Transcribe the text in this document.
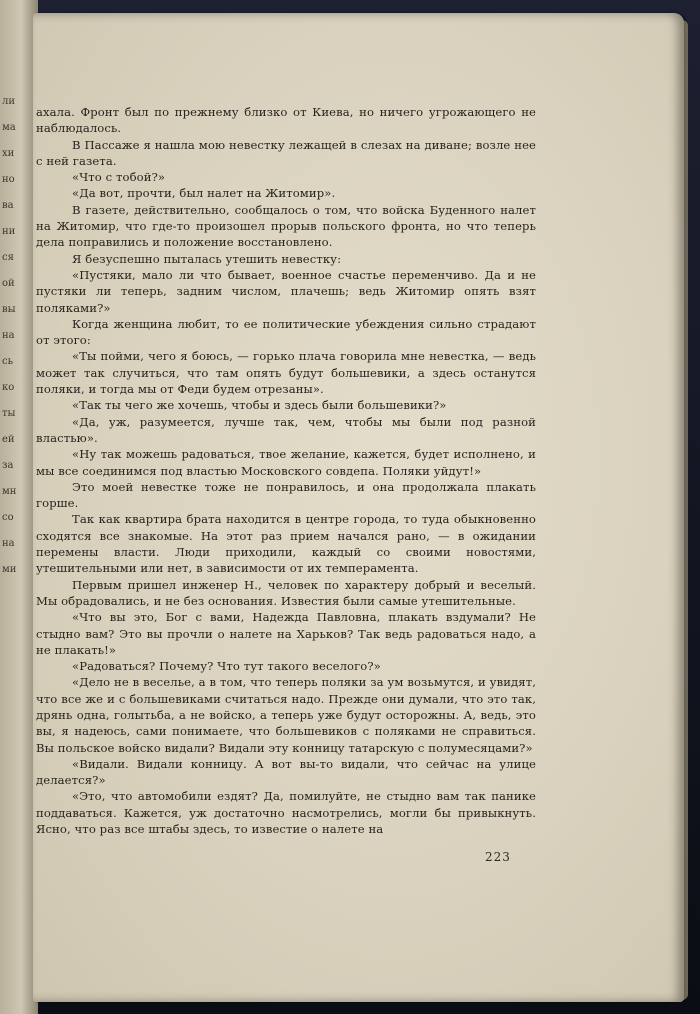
ли
ма
хи
но
ва
ни
ся
ой
вы
на
сь
ко
ты
ей
за
мн
со
на
ми

ахала. Фронт был по прежнему близко от Киева, но ничего угрожающего не наблюдалось.

В Пассаже я нашла мою невестку лежащей в слезах на диване; возле нее с ней газета.

«Что с тобой?»

«Да вот, прочти, был налет на Житомир».

В газете, действительно, сообщалось о том, что войска Буденного налет на Житомир, что где-то произошел прорыв польского фронта, но что теперь дела поправились и положение восстановлено.

Я безуспешно пыталась утешить невестку:

«Пустяки, мало ли что бывает, военное счастье переменчиво. Да и не пустяки ли теперь, задним числом, плачешь; ведь Житомир опять взят поляками?»

Когда женщина любит, то ее политические убеждения сильно страдают от этого:

«Ты пойми, чего я боюсь, — горько плача говорила мне невестка, — ведь может так случиться, что там опять будут большевики, а здесь останутся поляки, и тогда мы от Феди будем отрезаны».

«Так ты чего же хочешь, чтобы и здесь были большевики?»

«Да, уж, разумеется, лучше так, чем, чтобы мы были под разной властью».

«Ну так можешь радоваться, твое желание, кажется, будет исполнено, и мы все соединимся под властью Московского совдепа. Поляки уйдут!»

Это моей невестке тоже не понравилось, и она продолжала плакать горше.

Так как квартира брата находится в центре города, то туда обыкновенно сходятся все знакомые. На этот раз прием начался рано, — в ожидании перемены власти. Люди приходили, каждый со своими новостями, утешительными или нет, в зависимости от их темперамента.

Первым пришел инженер Н., человек по характеру добрый и веселый. Мы обрадовались, и не без основания. Известия были самые утешительные.

«Что вы это, Бог с вами, Надежда Павловна, плакать вздумали? Не стыдно вам? Это вы прочли о налете на Харьков? Так ведь радоваться надо, а не плакать!»

«Радоваться? Почему? Что тут такого веселого?»

«Дело не в веселье, а в том, что теперь поляки за ум возьмутся, и увидят, что все же и с большевиками считаться надо. Прежде они думали, что это так, дрянь одна, голытьба, а не войско, а теперь уже будут осторожны. А, ведь, это вы, я надеюсь, сами понимаете, что большевиков с поляками не справиться. Вы польское войско видали? Видали эту конницу татарскую с полумесяцами?»

«Видали. Видали конницу. А вот вы-то видали, что сейчас на улице делается?»

«Это, что автомобили ездят? Да, помилуйте, не стыдно вам так панике поддаваться. Кажется, уж достаточно насмотрелись, могли бы привыкнуть. Ясно, что раз все штабы здесь, то известие о налете на

223
